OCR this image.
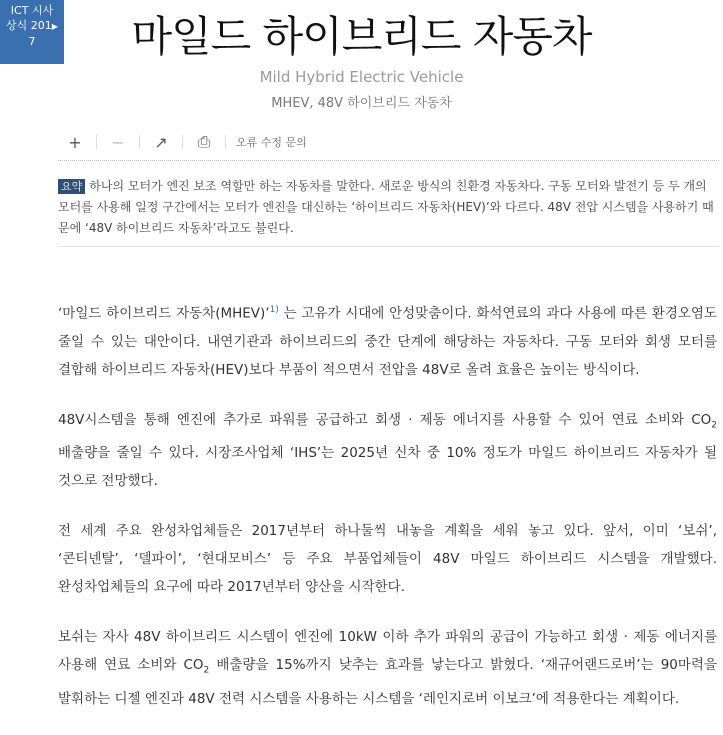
ICT 시사
상식 201▶
7	마일드 하이브리드 자동차
Mild Hybrid Electric Vehicle
MHEV, 48V 하이브리드 자동차
+	−	↗	⎙	오류 수정 문의

요약 하나의 모터가 엔진 보조 역할만 하는 자동차를 말한다. 새로운 방식의 친환경 자동차다. 구동 모터와 발전기 등 두 개의 모터를 사용해 일정 구간에서는 모터가 엔진을 대신하는 ‘하이브리드 자동차(HEV)’와 다르다. 48V 전압 시스템을 사용하기 때문에 ‘48V 하이브리드 자동차’라고도 불린다.

‘마일드 하이브리드 자동차(MHEV)’$^{1)}$ 는 고유가 시대에 안성맞춤이다. 화석연료의 과다 사용에 따른 환경오염도 줄일 수 있는 대안이다. 내연기관과 하이브리드의 중간 단계에 해당하는 자동차다. 구동 모터와 회생 모터를 결합해 하이브리드 자동차(HEV)보다 부품이 적으면서 전압을 48V로 올려 효율은 높이는 방식이다.

48V시스템을 통해 엔진에 추가로 파워를 공급하고 회생 · 제동 에너지를 사용할 수 있어 연료 소비와 $CO_2$ 배출량을 줄일 수 있다. 시장조사업체 ‘IHS’는 2025년 신차 중 10% 정도가 마일드 하이브리드 자동차가 될 것으로 전망했다.

전 세계 주요 완성차업체들은 2017년부터 하나둘씩 내놓을 계획을 세워 놓고 있다. 앞서, 이미 ‘보쉬’, ‘콘티넨탈’, ‘델파이’, ‘현대모비스’ 등 주요 부품업체들이 48V 마일드 하이브리드 시스템을 개발했다. 완성차업체들의 요구에 따라 2017년부터 양산을 시작한다.

보쉬는 자사 48V 하이브리드 시스템이 엔진에 10kW 이하 추가 파워의 공급이 가능하고 회생 · 제동 에너지를 사용해 연료 소비와 $CO_2$ 배출량을 15%까지 낮추는 효과를 낳는다고 밝혔다. ‘재규어랜드로버’는 90마력을 발휘하는 디젤 엔진과 48V 전력 시스템을 사용하는 시스템을 ‘레인지로버 이보크’에 적용한다는 계획이다.
